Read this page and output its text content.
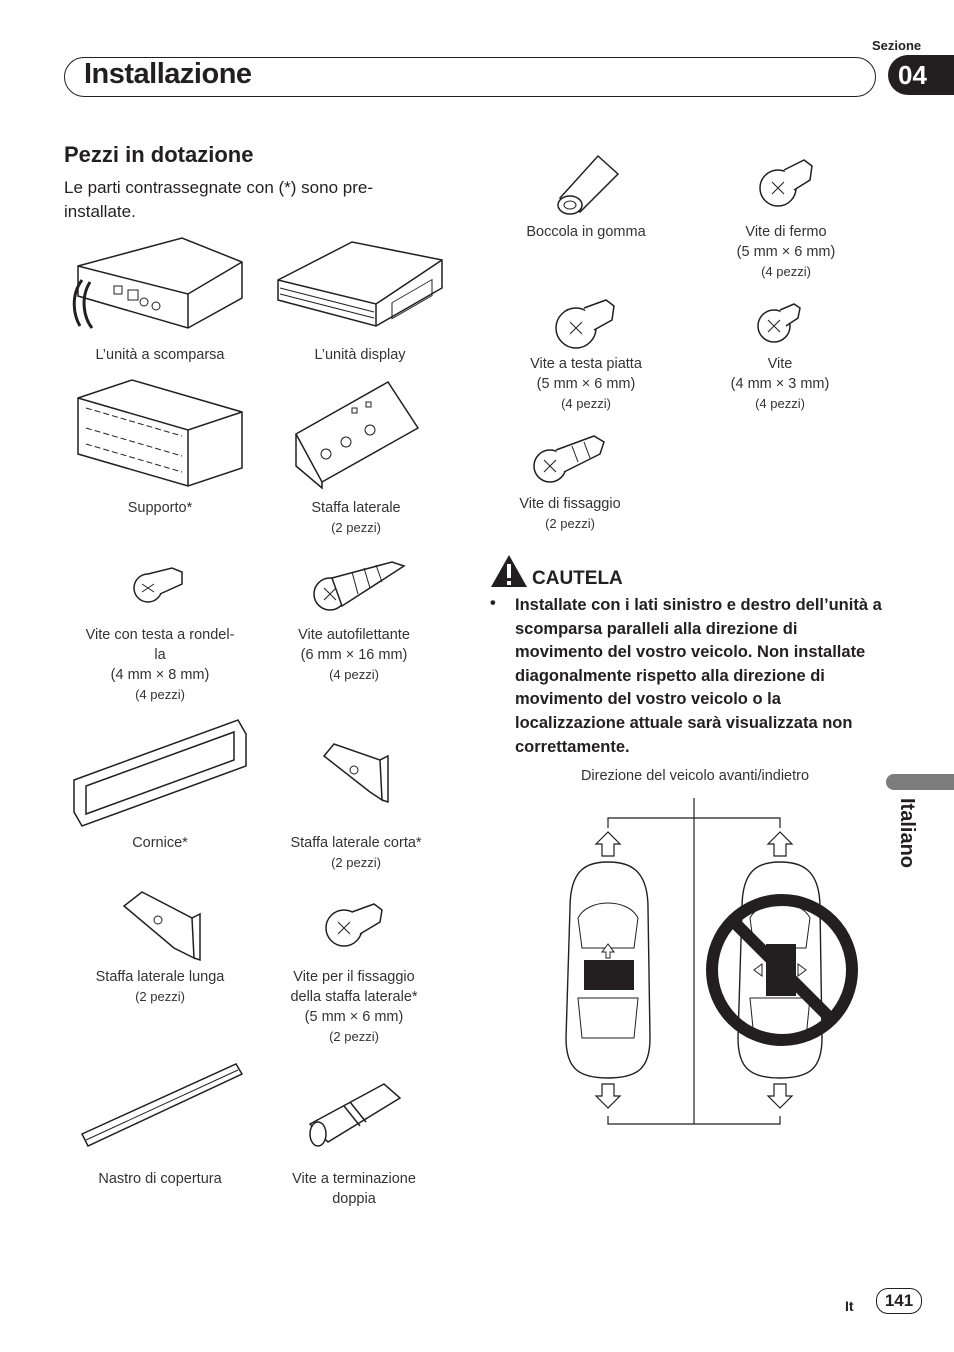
Sezione
Installazione	04
Pezzi in dotazione
Le parti contrassegnate con (*) sono pre-installate.
L’unità a scomparsa	L’unità display
Supporto*	Staffa laterale
(2 pezzi)
Vite con testa a rondel-
la
(4 mm × 8 mm)
(4 pezzi)
Vite autofilettante
(6 mm × 16 mm)
(4 pezzi)
Cornice*	Staffa laterale corta*
(2 pezzi)
Staffa laterale lunga
(2 pezzi)
Vite per il fissaggio
della staffa laterale*
(5 mm × 6 mm)
(2 pezzi)
Nastro di copertura	Vite a terminazione
doppia
Boccola in gomma	Vite di fermo
(5 mm × 6 mm)
(4 pezzi)
Vite a testa piatta
(5 mm × 6 mm)
(4 pezzi)
Vite
(4 mm × 3 mm)
(4 pezzi)
Vite di fissaggio
(2 pezzi)
CAUTELA
• Installate con i lati sinistro e destro dell’unità a scomparsa paralleli alla direzione di movimento del vostro veicolo. Non installate diagonalmente rispetto alla direzione di movimento del vostro veicolo o la localizzazione attuale sarà visualizzata non correttamente.
Direzione del veicolo avanti/indietro
Italiano
It	141
